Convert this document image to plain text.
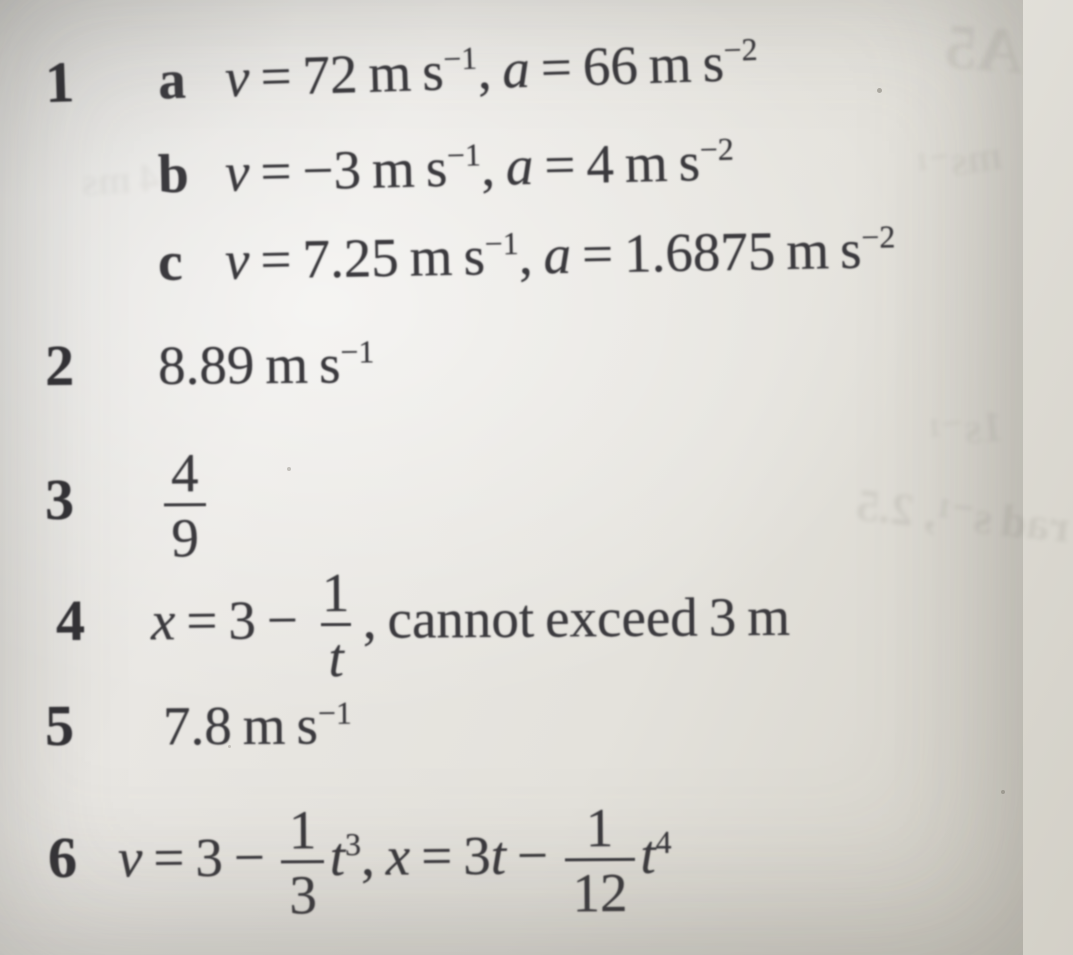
A5
ms⁻¹
4 ms
1s⁻¹
rad s⁻¹, 2.5
1 a v = 72 m $s^{-1}$, a = 66 m $s^{-2}$
b v = −3 m $s^{-1}$, a = 4 m $s^{-2}$
c v = 7.25 m $s^{-1}$, a = 1.6875 m $s^{-2}$
2 8.89 m $s^{-1}$
$3 \frac{4}{9}$
4 $x = 3 - \frac{1}{t}$ , cannot exceed 3 m
5 7.8 m $s^{-1}$
6 $v = 3 - \frac{1}{3} t^3$, $x = 3t - \frac{1}{12} t^4$
